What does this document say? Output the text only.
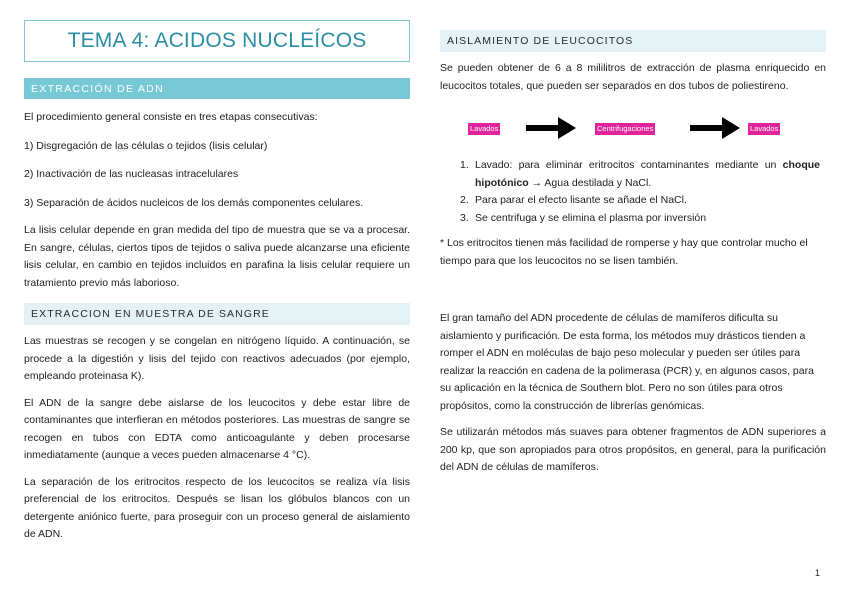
TEMA 4: ACIDOS NUCLEÍCOS
EXTRACCIÓN DE ADN

El procedimiento general consiste en tres etapas consecutivas:

1) Disgregación de las células o tejidos (lisis celular)

2) Inactivación de las nucleasas intracelulares

3) Separación de ácidos nucleicos de los demás componentes celulares.

La lisis celular depende en gran medida del tipo de muestra que se va a procesar. En sangre, células, ciertos tipos de tejidos o saliva puede alcanzarse una eficiente lisis celular, en cambio en tejidos incluidos en parafina la lisis celular requiere un tratamiento previo más laborioso.

EXTRACCION EN MUESTRA DE SANGRE

Las muestras se recogen y se congelan en nitrógeno líquido. A continuación, se procede a la digestión y lisis del tejido con reactivos adecuados (por ejemplo, empleando proteinasa K).

El ADN de la sangre debe aislarse de los leucocitos y debe estar libre de contaminantes que interfieran en métodos posteriores. Las muestras de sangre se recogen en tubos con EDTA como anticoagulante y deben procesarse inmediatamente (aunque a veces pueden almacenarse 4 °C).

La separación de los eritrocitos respecto de los leucocitos se realiza vía lisis preferencial de los eritrocitos. Después se lisan los glóbulos blancos con un detergente aniónico fuerte, para proseguir con un proceso general de aislamiento de ADN.

AISLAMIENTO DE LEUCOCITOS

Se pueden obtener de 6 a 8 mililitros de extracción de plasma enriquecido en leucocitos totales, que pueden ser separados en dos tubos de poliestireno.

Lavados	Centrifugaciones	Lavados
1. Lavado: para eliminar eritrocitos contaminantes mediante un choque hipotónico → Agua destilada y NaCl.
2. Para parar el efecto lisante se añade el NaCl.
3. Se centrifuga y se elimina el plasma por inversión

* Los eritrocitos tienen más facilidad de romperse y hay que controlar mucho el tiempo para que los leucocitos no se lisen también.

El gran tamaño del ADN procedente de células de mamíferos dificulta su aislamiento y purificación. De esta forma, los métodos muy drásticos tienden a romper el ADN en moléculas de bajo peso molecular y pueden ser útiles para realizar la reacción en cadena de la polimerasa (PCR) y, en algunos casos, para su aplicación en la técnica de Southern blot. Pero no son útiles para otros propósitos, como la construcción de librerías genómicas.

Se utilizarán métodos más suaves para obtener fragmentos de ADN superiores a 200 kp, que son apropiados para otros propósitos, en general, para la purificación del ADN de células de mamíferos.

1
